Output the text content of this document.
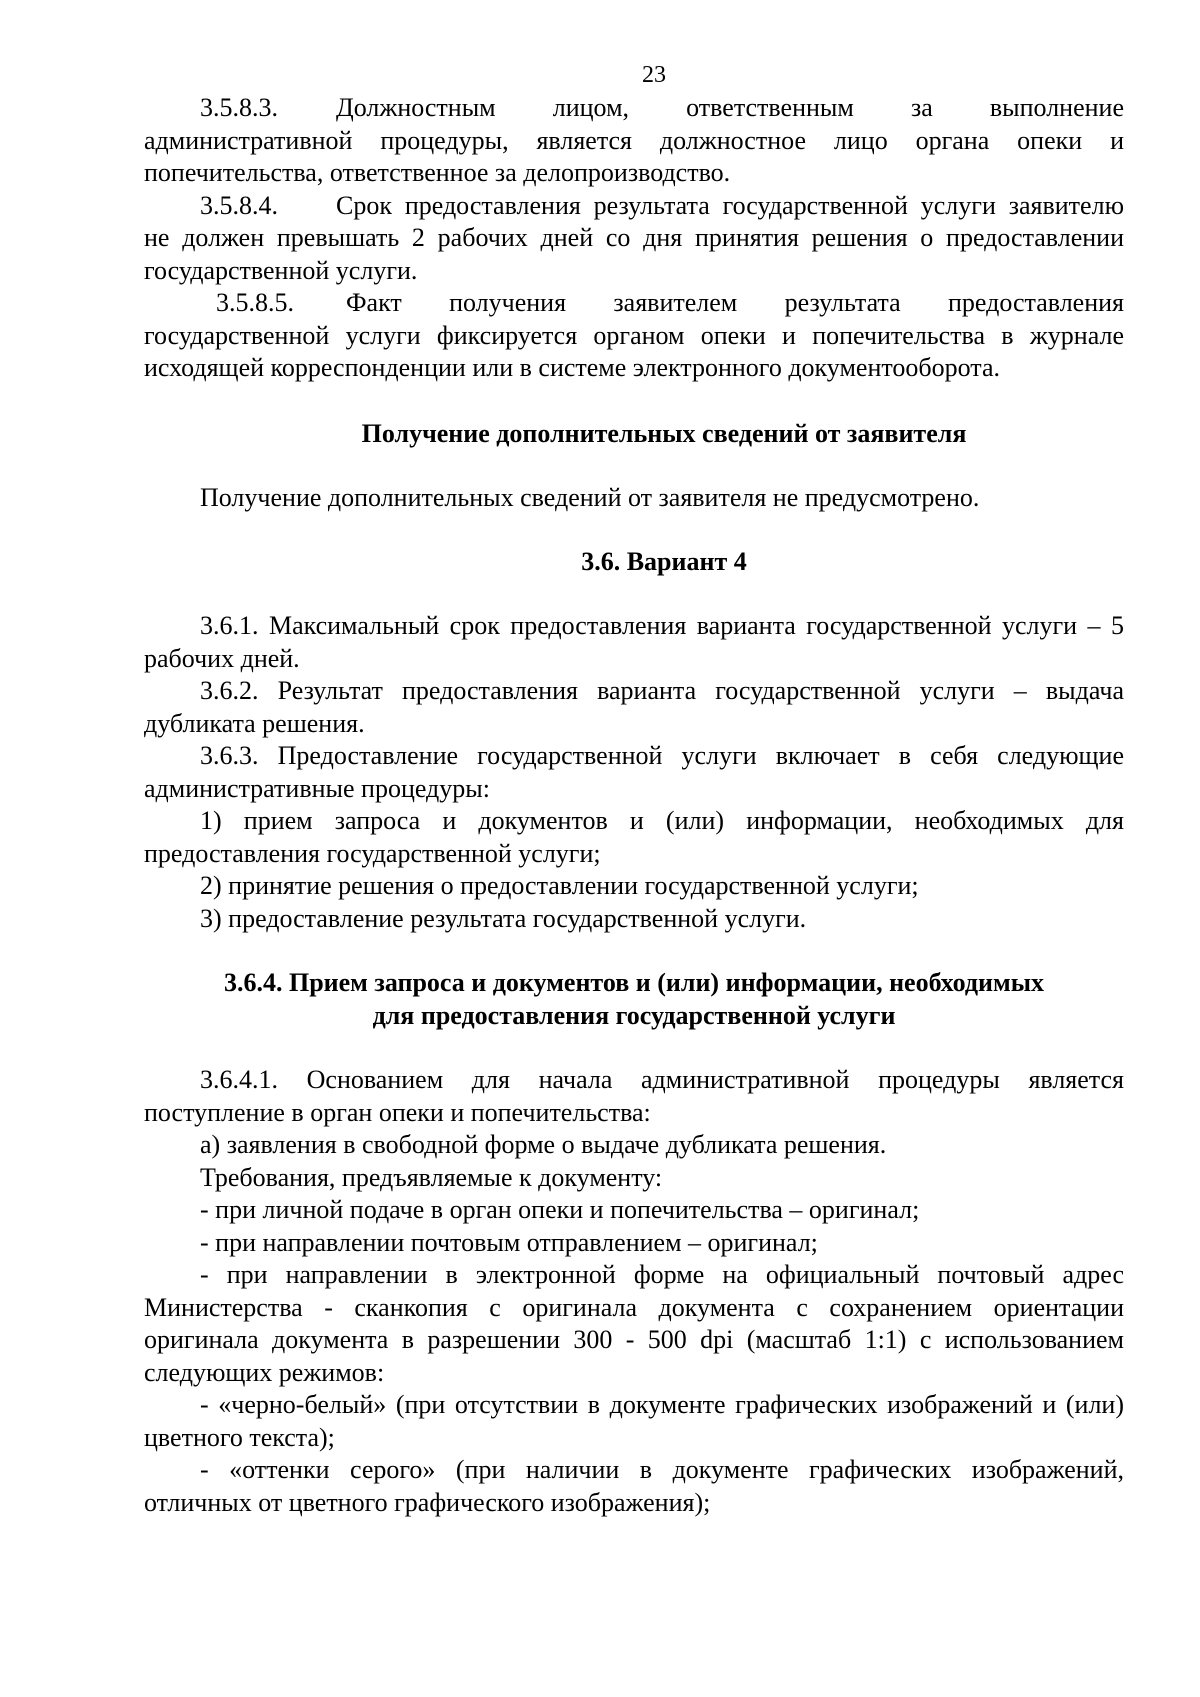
23

3.5.8.3. Должностным лицом, ответственным за выполнение административной процедуры, является должностное лицо органа опеки и попечительства, ответственное за делопроизводство.

3.5.8.4. Срок предоставления результата государственной услуги заявителю не должен превышать 2 рабочих дней со дня принятия решения о предоставлении государственной услуги.

3.5.8.5. Факт получения заявителем результата предоставления государственной услуги фиксируется органом опеки и попечительства в журнале исходящей корреспонденции или в системе электронного документооборота.

Получение дополнительных сведений от заявителя

Получение дополнительных сведений от заявителя не предусмотрено.

3.6. Вариант 4

3.6.1. Максимальный срок предоставления варианта государственной услуги – 5 рабочих дней.

3.6.2. Результат предоставления варианта государственной услуги – выдача дубликата решения.

3.6.3. Предоставление государственной услуги включает в себя следующие административные процедуры:

1) прием запроса и документов и (или) информации, необходимых для предоставления государственной услуги;

2) принятие решения о предоставлении государственной услуги;

3) предоставление результата государственной услуги.

3.6.4. Прием запроса и документов и (или) информации, необходимых
для предоставления государственной услуги

3.6.4.1. Основанием для начала административной процедуры является поступление в орган опеки и попечительства:

а) заявления в свободной форме о выдаче дубликата решения.

Требования, предъявляемые к документу:

- при личной подаче в орган опеки и попечительства – оригинал;

- при направлении почтовым отправлением – оригинал;

- при направлении в электронной форме на официальный почтовый адрес Министерства - сканкопия с оригинала документа с сохранением ориентации оригинала документа в разрешении 300 - 500 dpi (масштаб 1:1) с использованием следующих режимов:

- «черно-белый» (при отсутствии в документе графических изображений и (или) цветного текста);

- «оттенки серого» (при наличии в документе графических изображений, отличных от цветного графического изображения);
